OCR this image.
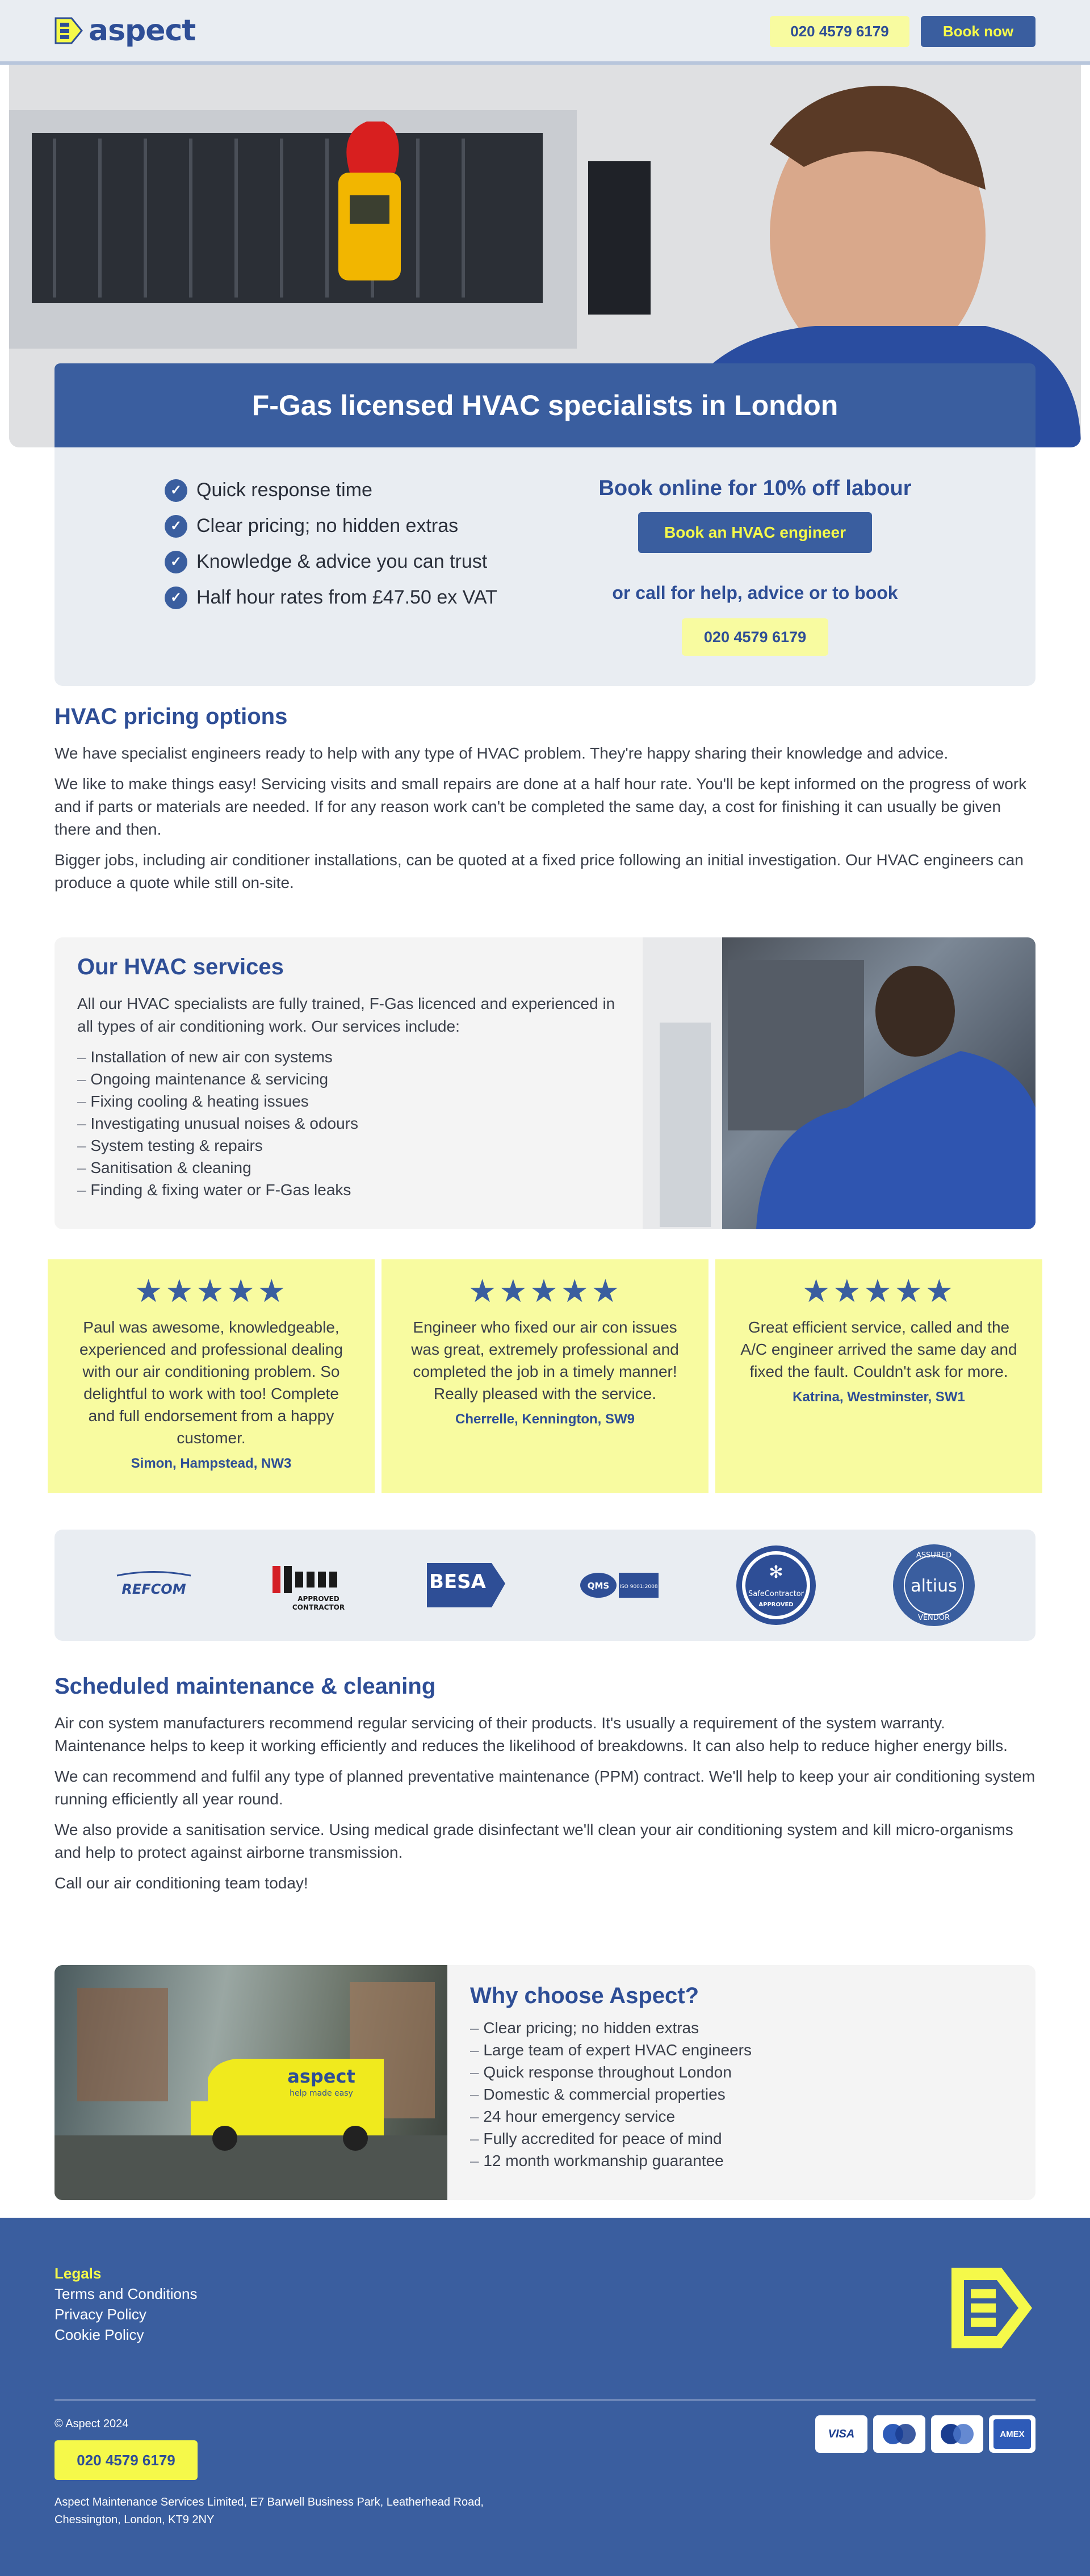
aspect	020 4579 6179	Book now
F-Gas licensed HVAC specialists in London
✓ Quick response time
✓ Clear pricing; no hidden extras
✓ Knowledge & advice you can trust
✓ Half hour rates from £47.50 ex VAT
Book online for 10% off labour
Book an HVAC engineer
or call for help, advice or to book
020 4579 6179
HVAC pricing options

We have specialist engineers ready to help with any type of HVAC problem. They're happy sharing their knowledge and advice.

We like to make things easy! Servicing visits and small repairs are done at a half hour rate. You'll be kept informed on the progress of work and if parts or materials are needed. If for any reason work can't be completed the same day, a cost for finishing it can usually be given there and then.

Bigger jobs, including air conditioner installations, can be quoted at a fixed price following an initial investigation. Our HVAC engineers can produce a quote while still on-site.

Our HVAC services

All our HVAC specialists are fully trained, F-Gas licenced and experienced in all types of air conditioning work. Our services include:

– Installation of new air con systems
– Ongoing maintenance & servicing
– Fixing cooling & heating issues
– Investigating unusual noises & odours
– System testing & repairs
– Sanitisation & cleaning
– Finding & fixing water or F-Gas leaks
★★★★★
Paul was awesome, knowledgeable, experienced and professional dealing with our air conditioning problem. So delightful to work with too! Complete and full endorsement from a happy customer.
Simon, Hampstead, NW3
★★★★★
Engineer who fixed our air con issues was great, extremely professional and completed the job in a timely manner! Really pleased with the service.
Cherrelle, Kennington, SW9
★★★★★
Great efficient service, called and the A/C engineer arrived the same day and fixed the fault. Couldn't ask for more.
Katrina, Westminster, SW1
REFCOM
APPROVED
CONTRACTOR
BESA	QMS ISO 9001:2008
✻
SafeContractor
APPROVED
ASSURED
altius
VENDOR
Scheduled maintenance & cleaning

Air con system manufacturers recommend regular servicing of their products. It's usually a requirement of the system warranty. Maintenance helps to keep it working efficiently and reduces the likelihood of breakdowns. It can also help to reduce higher energy bills.

We can recommend and fulfil any type of planned preventative maintenance (PPM) contract. We'll help to keep your air conditioning system running efficiently all year round.

We also provide a sanitisation service. Using medical grade disinfectant we'll clean your air conditioning system and kill micro-organisms and help to protect against airborne transmission.

Call our air conditioning team today!

aspect
help made easy
Why choose Aspect?
– Clear pricing; no hidden extras
– Large team of expert HVAC engineers
– Quick response throughout London
– Domestic & commercial properties
– 24 hour emergency service
– Fully accredited for peace of mind
– 12 month workmanship guarantee
Legals
Terms and Conditions
Privacy Policy
Cookie Policy
© Aspect 2024
020 4579 6179
Aspect Maintenance Services Limited, E7 Barwell Business Park, Leatherhead Road, Chessington, London, KT9 2NY
VISA	AMEX
